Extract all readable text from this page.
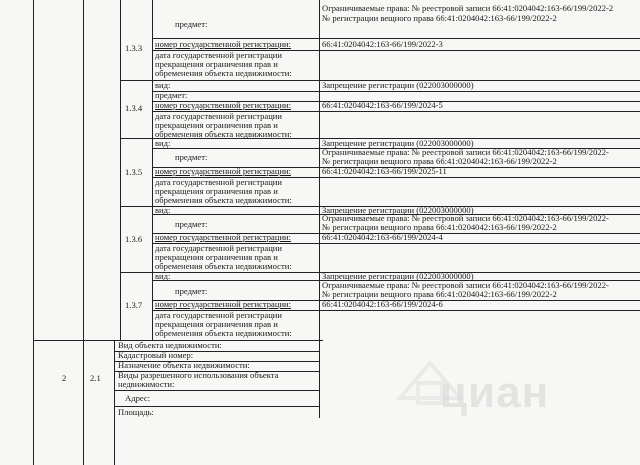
1.3.3
предмет:
Ограничиваемые права: № реестровой записи 66:41:0204042:163-66/199/2022-2
№ регистрации вещного права 66:41:0204042:163-66/199/2022-2
номер государственной регистрации:	66:41:0204042:163-66/199/2022-3
дата государственной регистрации
прекращения ограничения прав и
обременения объекта недвижимости:
1.3.4
вид:	Запрещение регистрации (022003000000)
предмет:
номер государственной регистрации:	66:41:0204042:163-66/199/2024-5
дата государственной регистрации
прекращения ограничения прав и
обременения объекта недвижимости:
1.3.5
вид:	Запрещение регистрации (022003000000)
предмет:	Ограничиваемые права: № реестровой записи 66:41:0204042:163-66/199/2022-
№ регистрации вещного права 66:41:0204042:163-66/199/2022-2
номер государственной регистрации:	66:41:0204042:163-66/199/2025-11
дата государственной регистрации
прекращения ограничения прав и
обременения объекта недвижимости:
1.3.6
вид:	Запрещение регистрации (022003000000)
предмет:
Ограничиваемые права: № реестровой записи 66:41:0204042:163-66/199/2022-
№ регистрации вещного права 66:41:0204042:163-66/199/2022-2
номер государственной регистрации:	66:41:0204042:163-66/199/2024-4
дата государственной регистрации
прекращения ограничения прав и
обременения объекта недвижимости:
1.3.7
вид:	Запрещение регистрации (022003000000)
предмет:
Ограничиваемые права: № реестровой записи 66:41:0204042:163-66/199/2022-
№ регистрации вещного права 66:41:0204042:163-66/199/2022-2
номер государственной регистрации:	66:41:0204042:163-66/199/2024-6
дата государственной регистрации
прекращения ограничения прав и
обременения объекта недвижимости:
2	2.1
Вид объекта недвижимости:
Кадастровый номер:
Назначение объекта недвижимости:
Виды разрешенного использования объекта
недвижимости:
Адрес:
Площадь:	циан
